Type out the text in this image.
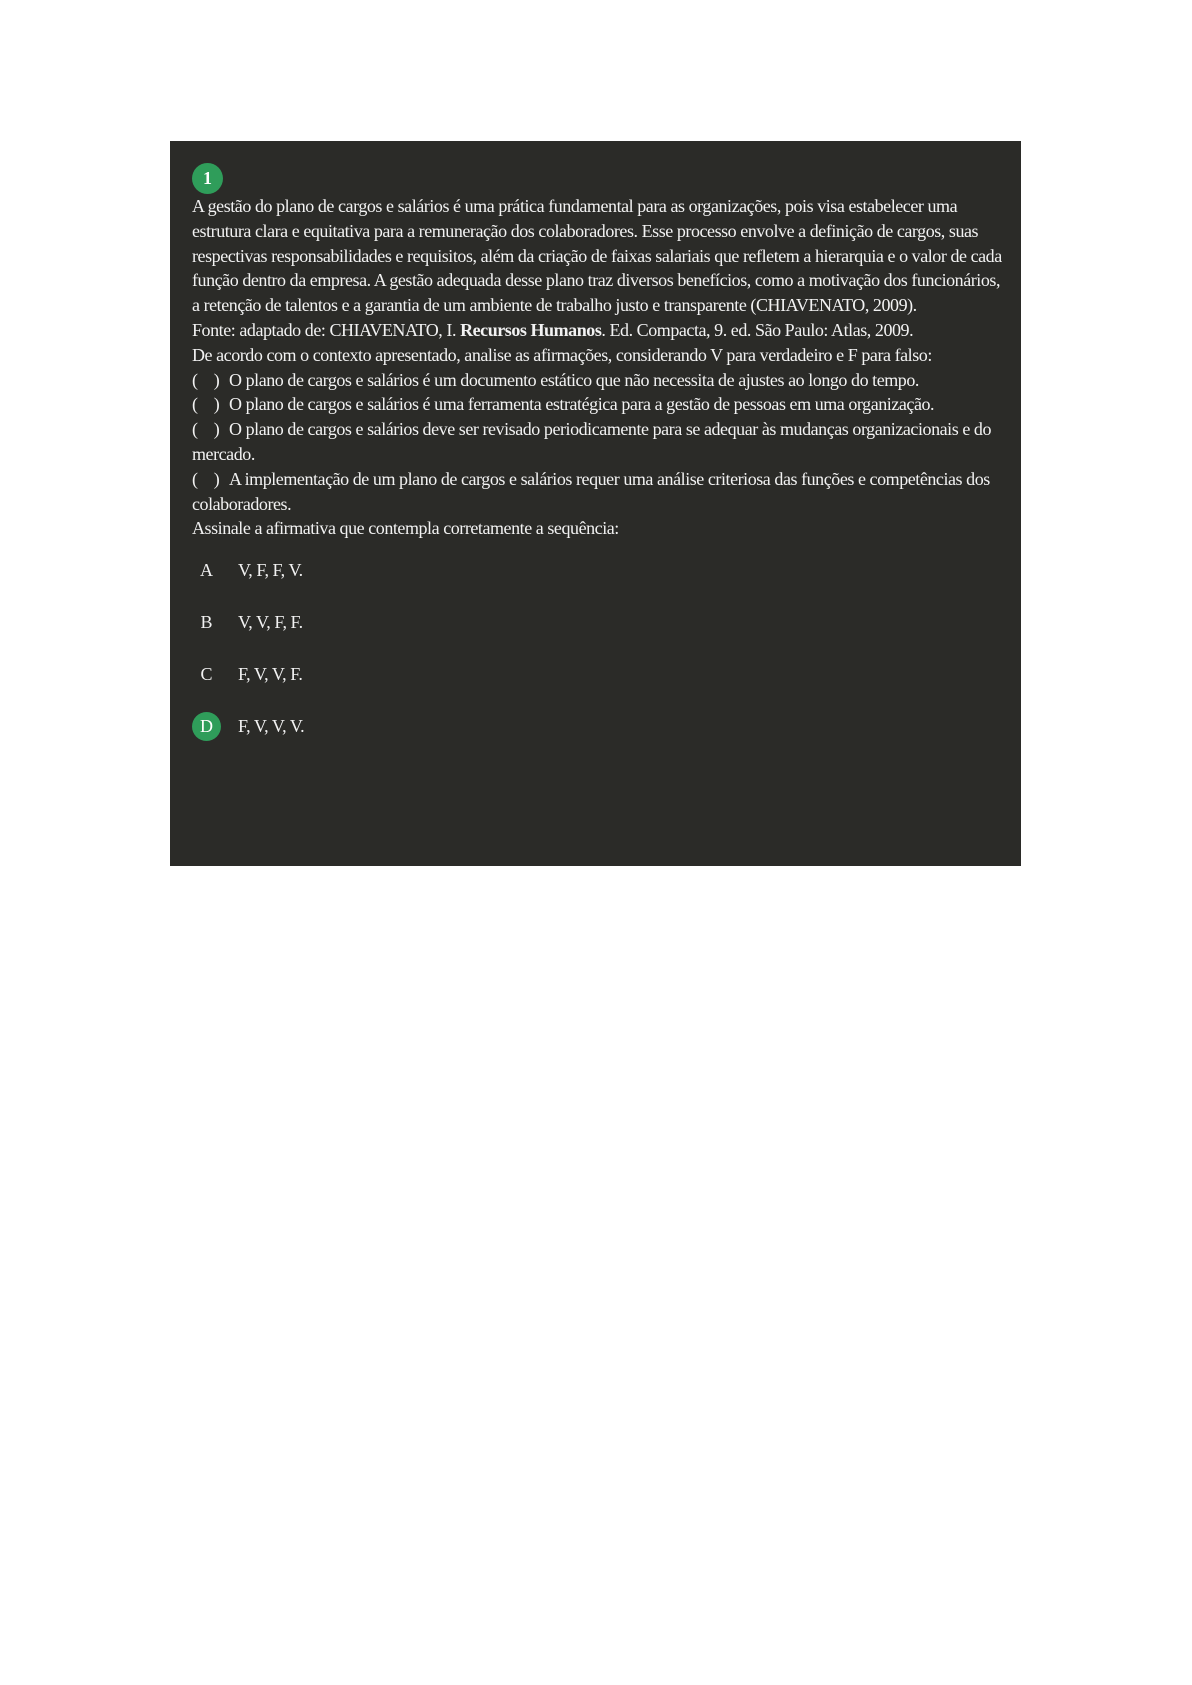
1

A gestão do plano de cargos e salários é uma prática fundamental para as organizações, pois visa estabelecer uma estrutura clara e equitativa para a remuneração dos colaboradores. Esse processo envolve a definição de cargos, suas respectivas responsabilidades e requisitos, além da criação de faixas salariais que refletem a hierarquia e o valor de cada função dentro da empresa. A gestão adequada desse plano traz diversos benefícios, como a motivação dos funcionários, a retenção de talentos e a garantia de um ambiente de trabalho justo e transparente (CHIAVENATO, 2009).

Fonte: adaptado de: CHIAVENATO, I. Recursos Humanos. Ed. Compacta, 9. ed. São Paulo: Atlas, 2009.

De acordo com o contexto apresentado, analise as afirmações, considerando V para verdadeiro e F para falso:

(    ) O plano de cargos e salários é um documento estático que não necessita de ajustes ao longo do tempo.

(    ) O plano de cargos e salários é uma ferramenta estratégica para a gestão de pessoas em uma organização.

(    ) O plano de cargos e salários deve ser revisado periodicamente para se adequar às mudanças organizacionais e do mercado.

(    ) A implementação de um plano de cargos e salários requer uma análise criteriosa das funções e competências dos colaboradores.

Assinale a afirmativa que contempla corretamente a sequência:

A	V, F, F, V.
B	V, V, F, F.
C	F, V, V, F.
D	F, V, V, V.
